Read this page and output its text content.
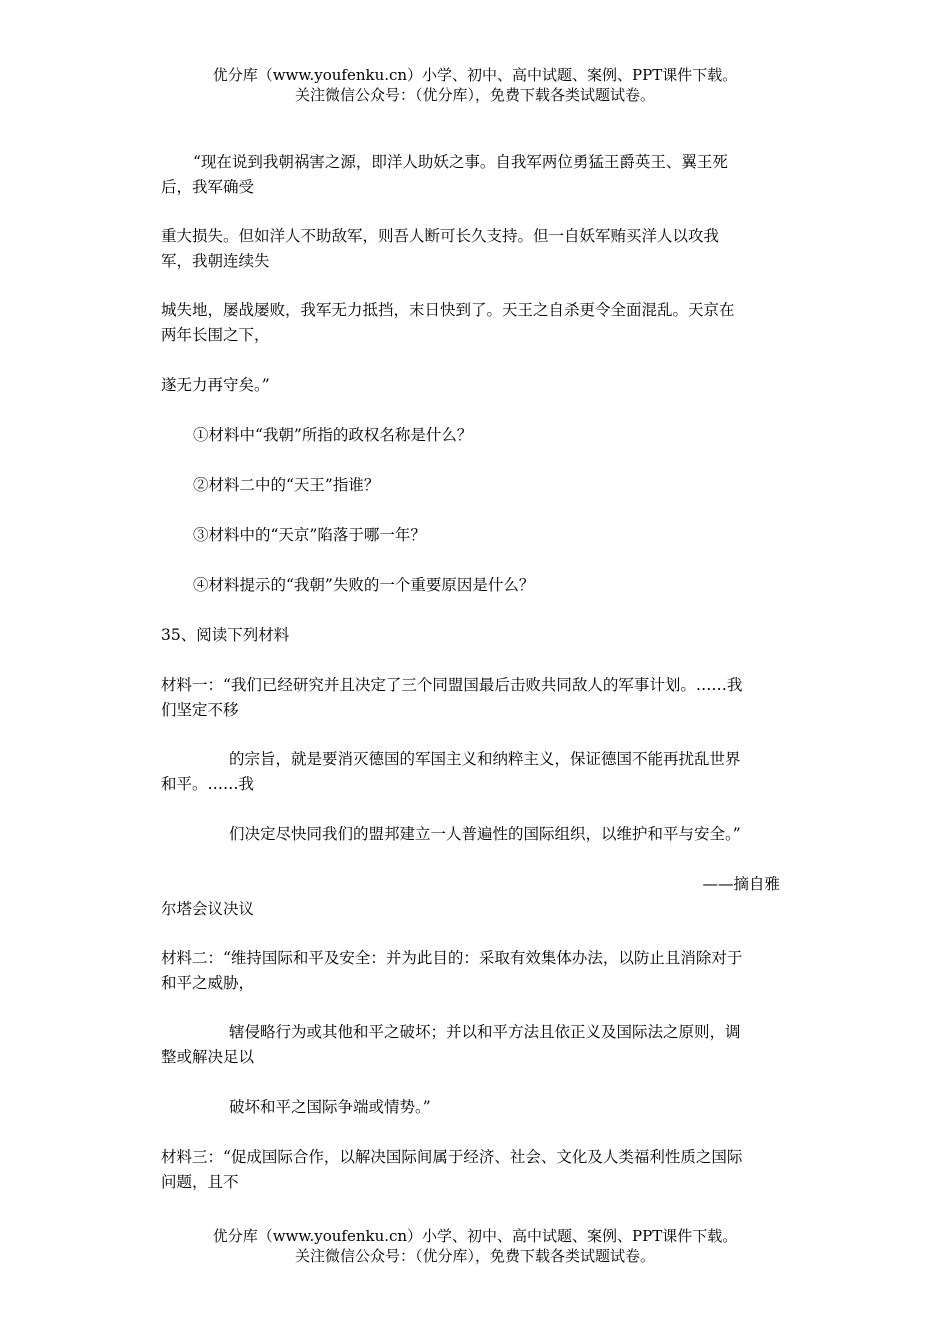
优分库（www.youfenku.cn）小学、初中、高中试题、案例、PPT课件下载。
关注微信公众号：（优分库），免费下载各类试题试卷。
“现在说到我朝祸害之源，即洋人助妖之事。自我军两位勇猛王爵英王、翼王死
后，我军确受
重大损失。但如洋人不助敌军，则吾人断可长久支持。但一自妖军贿买洋人以攻我
军，我朝连续失
城失地，屡战屡败，我军无力抵挡，末日快到了。天王之自杀更令全面混乱。天京在
两年长围之下，
遂无力再守矣。”
①材料中“我朝”所指的政权名称是什么？
②材料二中的“天王”指谁？
③材料中的“天京”陷落于哪一年？
④材料提示的“我朝”失败的一个重要原因是什么？
35、阅读下列材料
材料一：“我们已经研究并且决定了三个同盟国最后击败共同敌人的军事计划。……我
们坚定不移
的宗旨，就是要消灭德国的军国主义和纳粹主义，保证德国不能再扰乱世界
和平。……我
们决定尽快同我们的盟邦建立一人普遍性的国际组织，以维护和平与安全。”
——摘自雅
尔塔会议决议
材料二：“维持国际和平及安全：并为此目的：采取有效集体办法，以防止且消除对于
和平之威胁，
辖侵略行为或其他和平之破坏；并以和平方法且依正义及国际法之原则，调
整或解决足以
破坏和平之国际争端或情势。”
材料三：“促成国际合作，以解决国际间属于经济、社会、文化及人类福利性质之国际
问题，且不
优分库（www.youfenku.cn）小学、初中、高中试题、案例、PPT课件下载。
关注微信公众号：（优分库），免费下载各类试题试卷。
